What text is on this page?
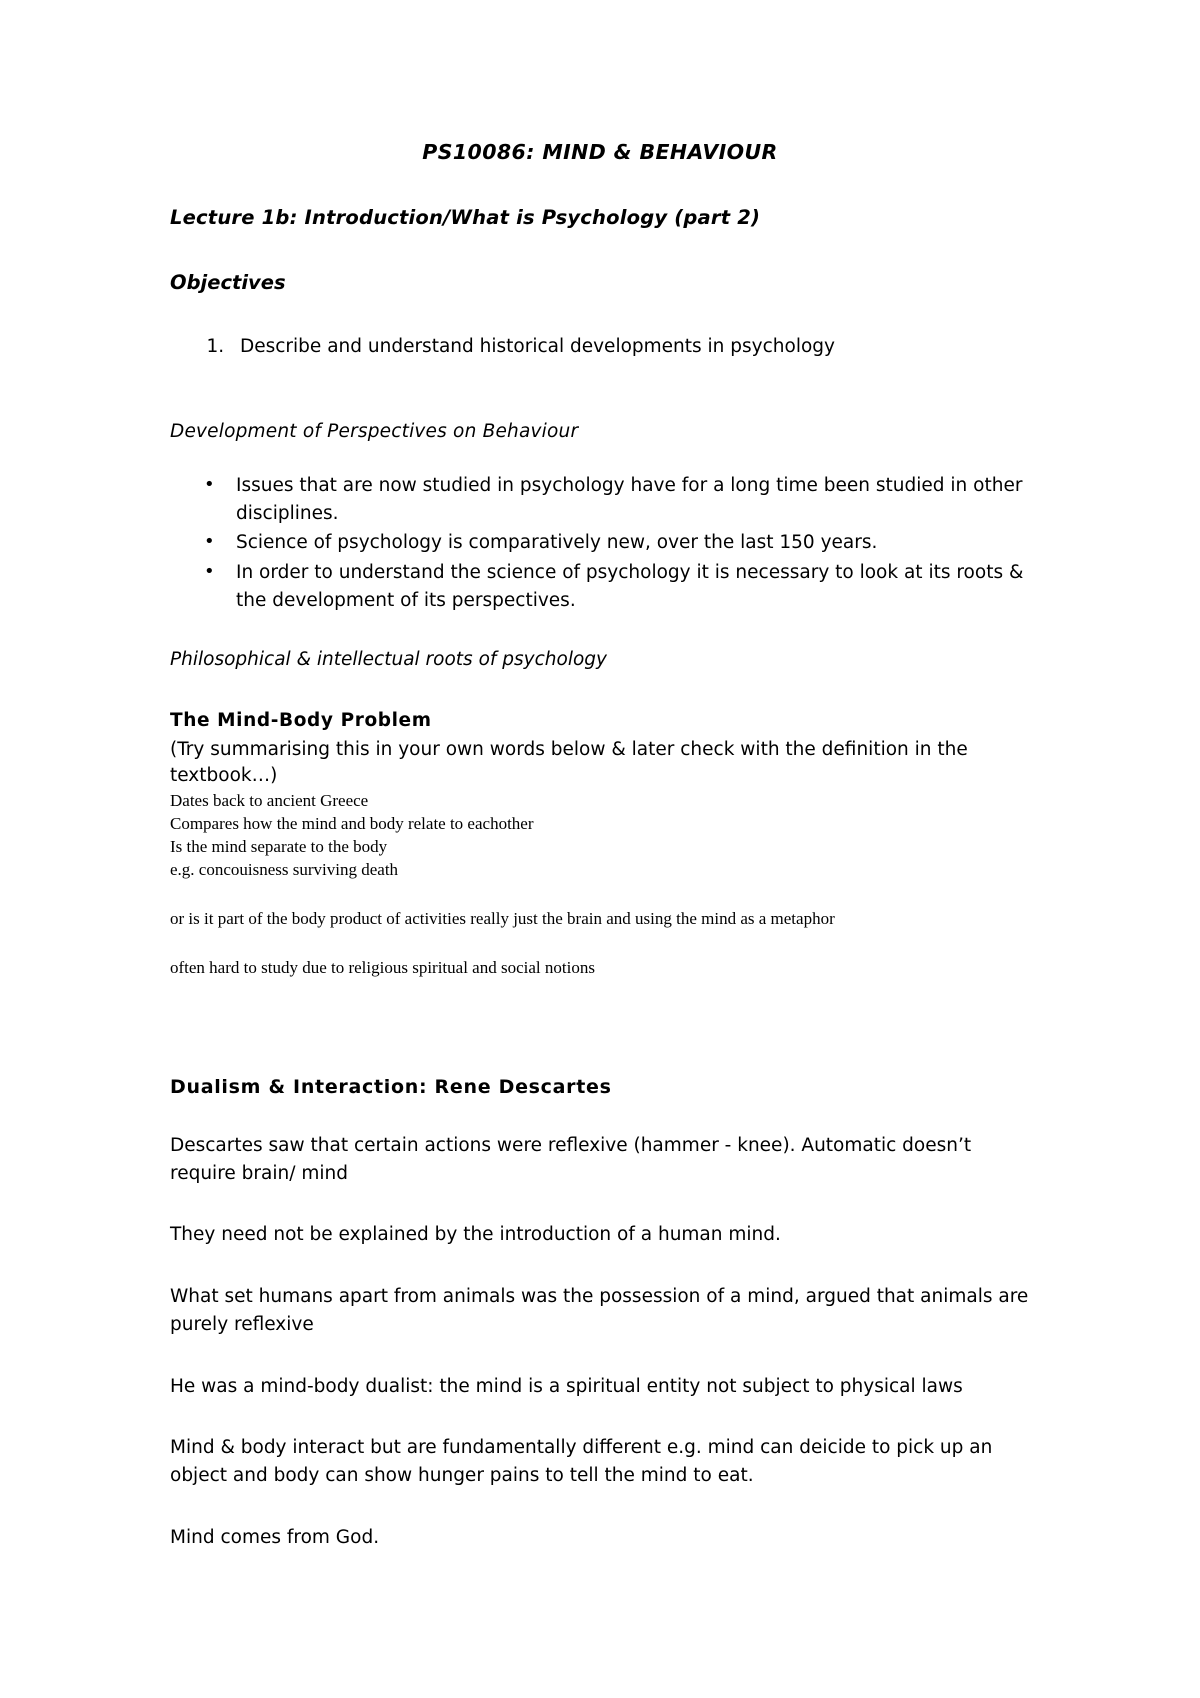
PS10086: MIND & BEHAVIOUR
Lecture 1b: Introduction/What is Psychology (part 2)
Objectives
1. Describe and understand historical developments in psychology
Development of Perspectives on Behaviour
• Issues that are now studied in psychology have for a long time been studied in other disciplines.
• Science of psychology is comparatively new, over the last 150 years.
• In order to understand the science of psychology it is necessary to look at its roots & the development of its perspectives.
Philosophical & intellectual roots of psychology
The Mind-Body Problem
(Try summarising this in your own words below & later check with the definition in the textbook…)
Dates back to ancient Greece
Compares how the mind and body relate to eachother
Is the mind separate to the body
e.g. concouisness surviving death
or is it part of the body product of activities really just the brain and using the mind as a metaphor
often hard to study due to religious spiritual and social notions
Dualism & Interaction: Rene Descartes
Descartes saw that certain actions were reflexive (hammer - knee). Automatic doesn’t require brain/ mind
They need not be explained by the introduction of a human mind.
What set humans apart from animals was the possession of a mind, argued that animals are purely reflexive
He was a mind-body dualist: the mind is a spiritual entity not subject to physical laws
Mind & body interact but are fundamentally different e.g. mind can deicide to pick up an object and body can show hunger pains to tell the mind to eat.
Mind comes from God.
